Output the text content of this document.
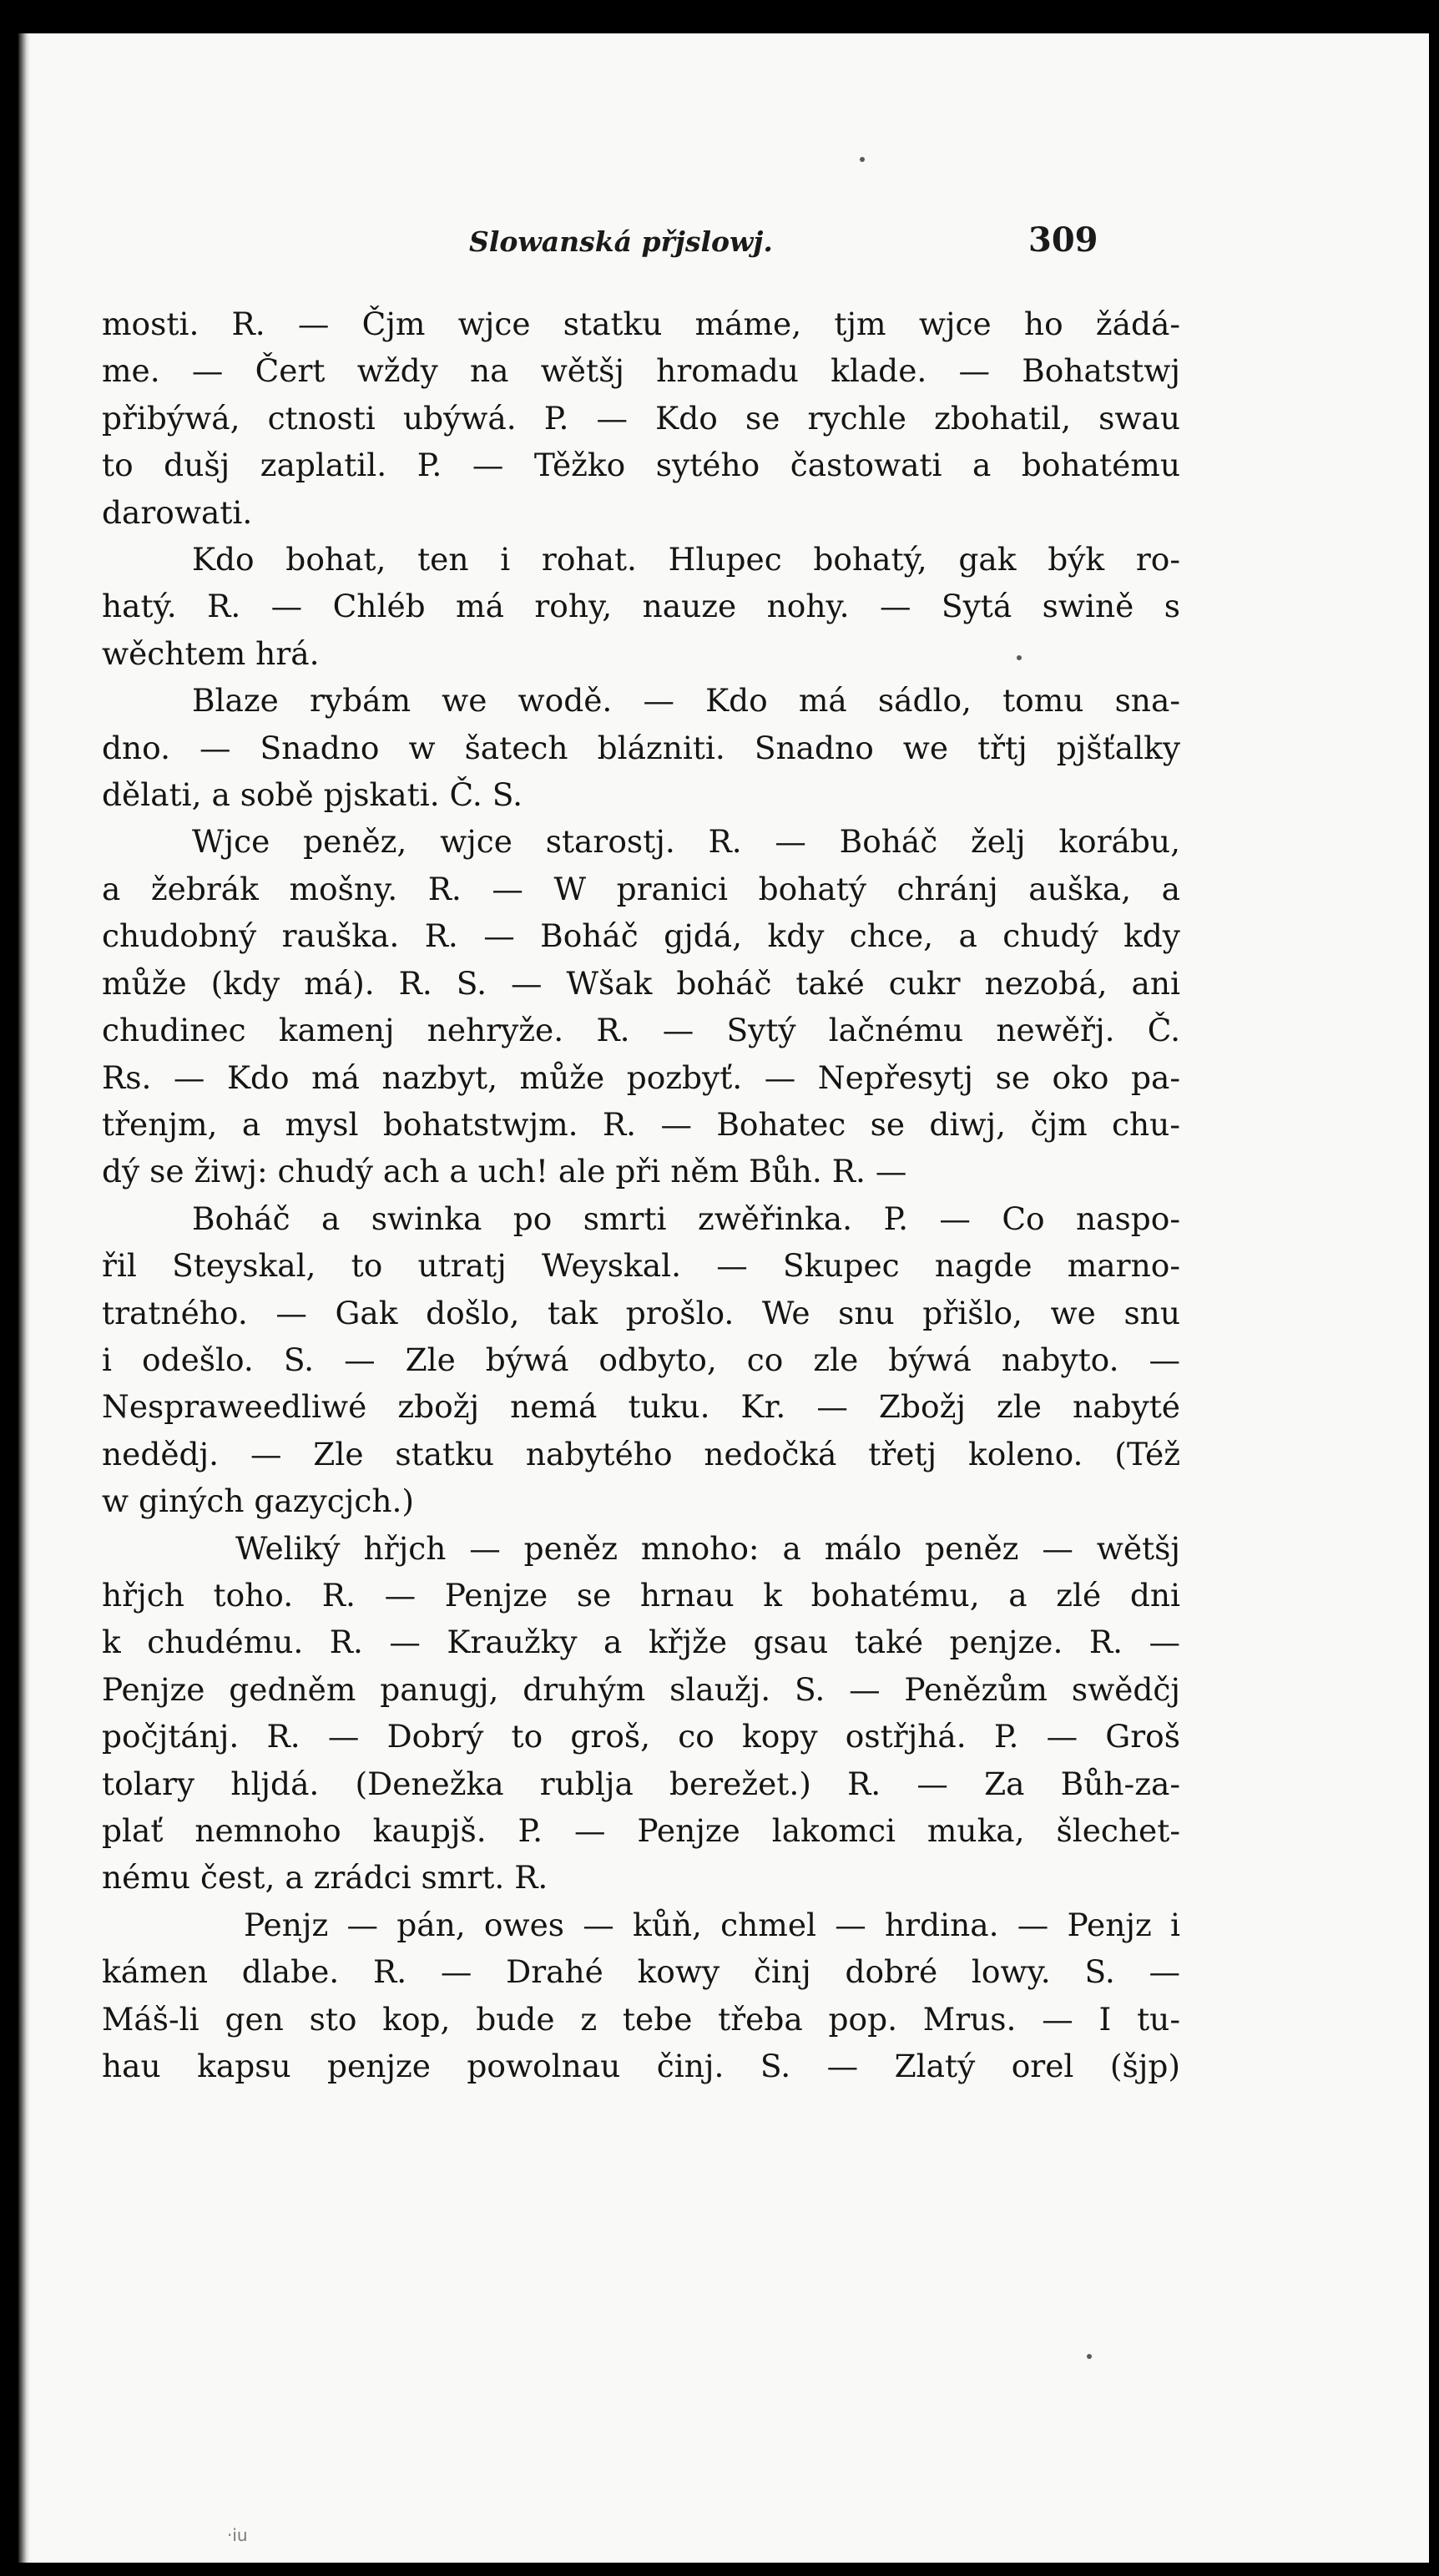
Slowanská přjslowj.	309
mosti. R. — Čjm wjce statku máme, tjm wjce ho žádá-
me. — Čert wždy na wětšj hromadu klade. — Bohatstwj
přibýwá, ctnosti ubýwá. P. — Kdo se rychle zbohatil, swau
to dušj zaplatil. P. — Těžko sytého častowati a bohatému
darowati.
Kdo bohat, ten i rohat. Hlupec bohatý, gak býk ro-
hatý. R. — Chléb má rohy, nauze nohy. — Sytá swině s
wěchtem hrá.
Blaze rybám we wodě. — Kdo má sádlo, tomu sna-
dno. — Snadno w šatech blázniti. Snadno we třtj pjšťalky
dělati, a sobě pjskati. Č. S.
Wjce peněz, wjce starostj. R. — Boháč želj korábu,
a žebrák mošny. R. — W pranici bohatý chránj auška, a
chudobný rauška. R. — Boháč gjdá, kdy chce, a chudý kdy
může (kdy má). R. S. — Wšak boháč také cukr nezobá, ani
chudinec kamenj nehryže. R. — Sytý lačnému newěřj. Č.
Rs. — Kdo má nazbyt, může pozbyť. — Nepřesytj se oko pa-
třenjm, a mysl bohatstwjm. R. — Bohatec se diwj, čjm chu-
dý se žiwj: chudý ach a uch! ale při něm Bůh. R. —
Boháč a swinka po smrti zwěřinka. P. — Co naspo-
řil Steyskal, to utratj Weyskal. — Skupec nagde marno-
tratného. — Gak došlo, tak prošlo. We snu přišlo, we snu
i odešlo. S. — Zle býwá odbyto, co zle býwá nabyto. —
Nespraweedliwé zbožj nemá tuku. Kr. — Zbožj zle nabyté
nedědj. — Zle statku nabytého nedočká třetj koleno. (Též
w giných gazycjch.)
Weliký hřjch — peněz mnoho: a málo peněz — wětšj
hřjch toho. R. — Penjze se hrnau k bohatému, a zlé dni
k chudému. R. — Kraužky a křjže gsau také penjze. R. —
Penjze gedněm panugj, druhým slaužj. S. — Penězům swědčj
počjtánj. R. — Dobrý to groš, co kopy ostřjhá. P. — Groš
tolary hljdá. (Denežka rublja berežet.) R. — Za Bůh-za-
plať nemnoho kaupjš. P. — Penjze lakomci muka, šlechet-
nému čest, a zrádci smrt. R.
Penjz — pán, owes — kůň, chmel — hrdina. — Penjz i
kámen dlabe. R. — Drahé kowy činj dobré lowy. S. —
Máš-li gen sto kop, bude z tebe třeba pop. Mrus. — I tu-
hau kapsu penjze powolnau činj. S. — Zlatý orel (šjp)
·iu
